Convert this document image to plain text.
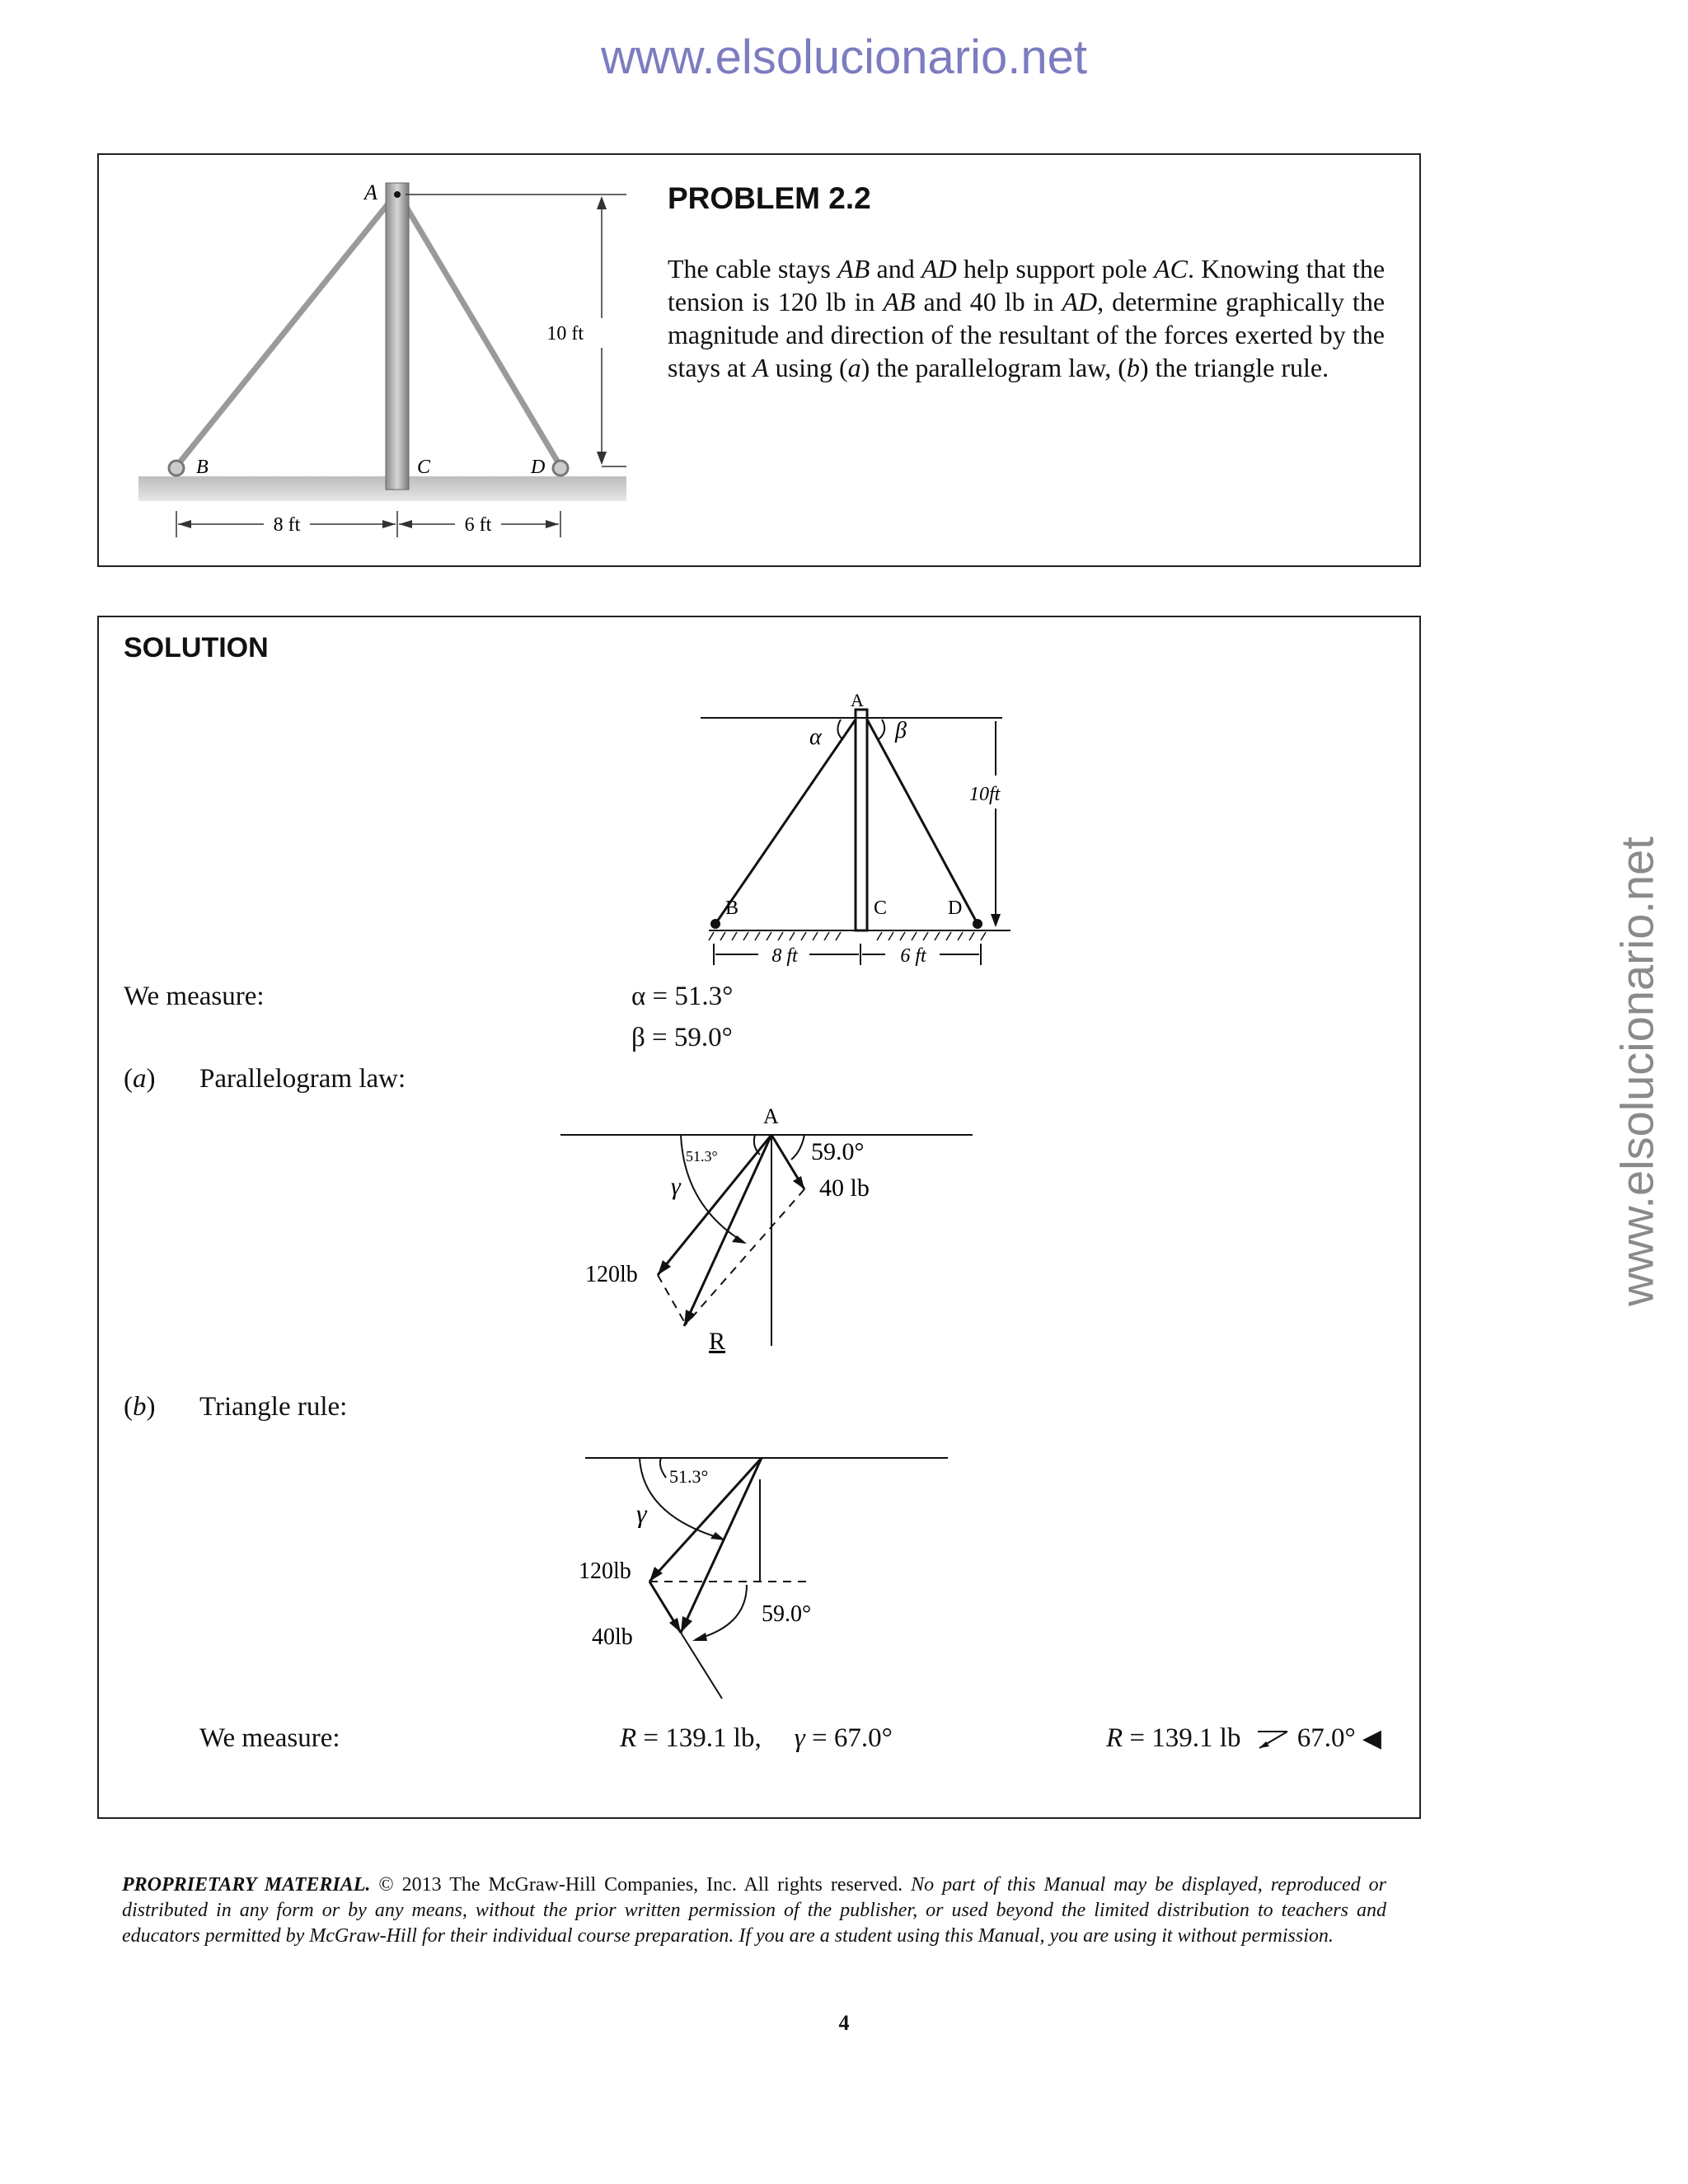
www.elsolucionario.net
www.elsolucionario.net
A
B	C	D
10 ft
8 ft	6 ft
PROBLEM 2.2
The cable stays AB and AD help support pole AC. Knowing that the tension is 120 lb in AB and 40 lb in AD, determine graphically the magnitude and direction of the resultant of the forces exerted by the stays at A using (a) the parallelogram law, (b) the triangle rule.
SOLUTION
A
α	β
10ft
B	C	D
8 ft	6 ft
We measure:	α = 51.3°
β = 59.0°
(a) Parallelogram law:
A
51.3°	59.0°
40 lb
γ
120lb
R
(b) Triangle rule:
51.3°
γ
120lb
40lb
59.0°
We measure:	R = 139.1 lb, γ = 67.0°	R = 139.1 lb 67.0° ◀
PROPRIETARY MATERIAL. © 2013 The McGraw-Hill Companies, Inc. All rights reserved. No part of this Manual may be displayed, reproduced or distributed in any form or by any means, without the prior written permission of the publisher, or used beyond the limited distribution to teachers and educators permitted by McGraw-Hill for their individual course preparation. If you are a student using this Manual, you are using it without permission.
4
